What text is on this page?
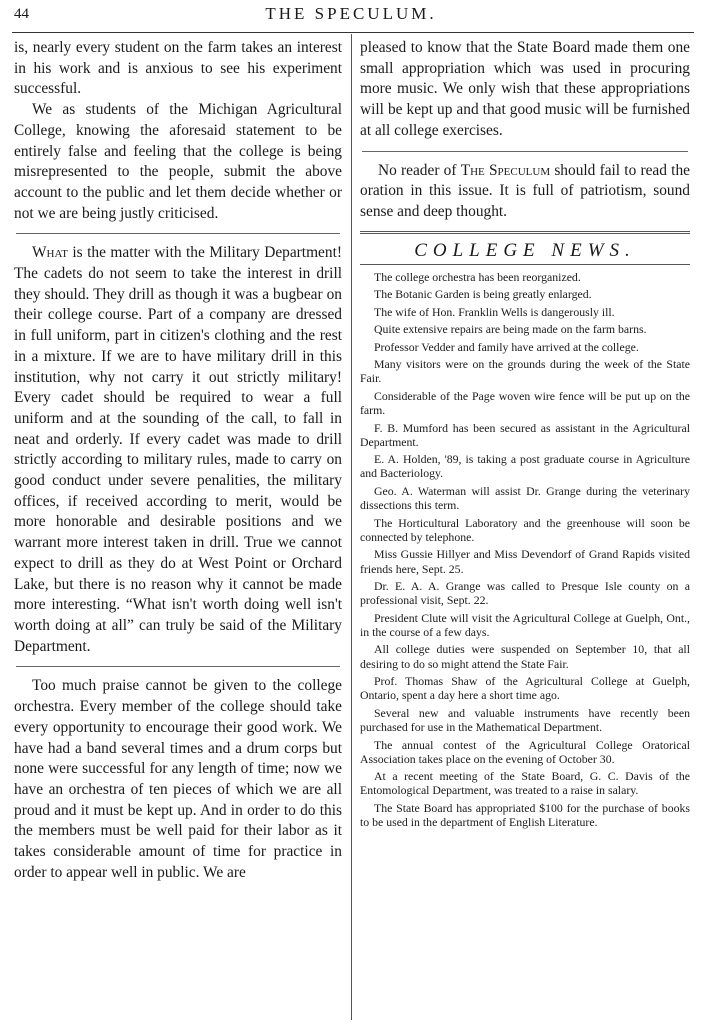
44	THE SPECULUM.

is, nearly every student on the farm takes an interest in his work and is anxious to see his experiment successful.

We as students of the Michigan Agricultural College, knowing the aforesaid statement to be entirely false and feeling that the college is being misrepresented to the people, submit the above account to the public and let them decide whether or not we are being justly criticised.

What is the matter with the Military Department! The cadets do not seem to take the interest in drill they should. They drill as though it was a bugbear on their college course. Part of a company are dressed in full uniform, part in citizen's clothing and the rest in a mixture. If we are to have military drill in this institution, why not carry it out strictly military! Every cadet should be required to wear a full uniform and at the sounding of the call, to fall in neat and orderly. If every cadet was made to drill strictly according to military rules, made to carry on good conduct under severe penalities, the military offices, if received according to merit, would be more honorable and desirable positions and we warrant more interest taken in drill. True we cannot expect to drill as they do at West Point or Orchard Lake, but there is no reason why it cannot be made more interesting. “What isn't worth doing well isn't worth doing at all” can truly be said of the Military Department.

Too much praise cannot be given to the college orchestra. Every member of the college should take every opportunity to encourage their good work. We have had a band several times and a drum corps but none were successful for any length of time; now we have an orchestra of ten pieces of which we are all proud and it must be kept up. And in order to do this the members must be well paid for their labor as it takes considerable amount of time for practice in order to appear well in public. We are

pleased to know that the State Board made them one small appropriation which was used in procuring more music. We only wish that these appropriations will be kept up and that good music will be furnished at all college exercises.

No reader of The Speculum should fail to read the oration in this issue. It is full of patriotism, sound sense and deep thought.

COLLEGE NEWS.

The college orchestra has been reorganized.

The Botanic Garden is being greatly enlarged.

The wife of Hon. Franklin Wells is dangerously ill.

Quite extensive repairs are being made on the farm barns.

Professor Vedder and family have arrived at the college.

Many visitors were on the grounds during the week of the State Fair.

Considerable of the Page woven wire fence will be put up on the farm.

F. B. Mumford has been secured as assistant in the Agricultural Department.

E. A. Holden, '89, is taking a post graduate course in Agriculture and Bacteriology.

Geo. A. Waterman will assist Dr. Grange during the veterinary dissections this term.

The Horticultural Laboratory and the greenhouse will soon be connected by telephone.

Miss Gussie Hillyer and Miss Devendorf of Grand Rapids visited friends here, Sept. 25.

Dr. E. A. A. Grange was called to Presque Isle county on a professional visit, Sept. 22.

President Clute will visit the Agricultural College at Guelph, Ont., in the course of a few days.

All college duties were suspended on September 10, that all desiring to do so might attend the State Fair.

Prof. Thomas Shaw of the Agricultural College at Guelph, Ontario, spent a day here a short time ago.

Several new and valuable instruments have recently been purchased for use in the Mathematical Department.

The annual contest of the Agricultural College Oratorical Association takes place on the evening of October 30.

At a recent meeting of the State Board, G. C. Davis of the Entomological Department, was treated to a raise in salary.

The State Board has appropriated $100 for the purchase of books to be used in the department of English Literature.
